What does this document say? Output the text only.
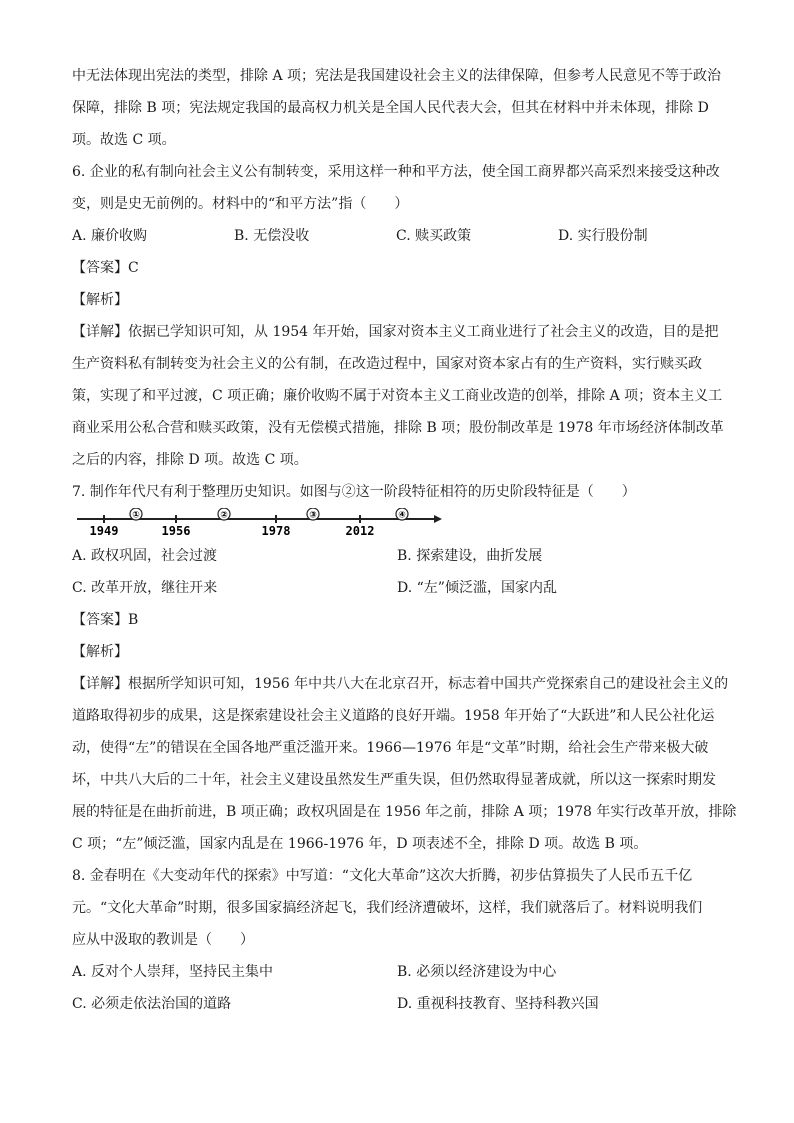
中无法体现出宪法的类型，排除 A 项；宪法是我国建设社会主义的法律保障，但参考人民意见不等于政治
保障，排除 B 项；宪法规定我国的最高权力机关是全国人民代表大会，但其在材料中并未体现，排除 D
项。故选 C 项。
6. 企业的私有制向社会主义公有制转变，采用这样一种和平方法，使全国工商界都兴高采烈来接受这种改
变，则是史无前例的。材料中的“和平方法”指（　　）
A. 廉价收购	B. 无偿没收	C. 赎买政策	D. 实行股份制
【答案】C
【解析】
【详解】依据已学知识可知，从 1954 年开始，国家对资本主义工商业进行了社会主义的改造，目的是把
生产资料私有制转变为社会主义的公有制，在改造过程中，国家对资本家占有的生产资料，实行赎买政
策，实现了和平过渡，C 项正确；廉价收购不属于对资本主义工商业改造的创举，排除 A 项；资本主义工
商业采用公私合营和赎买政策，没有无偿模式措施，排除 B 项；股份制改革是 1978 年市场经济体制改革
之后的内容，排除 D 项。故选 C 项。
7. 制作年代尺有利于整理历史知识。如图与②这一阶段特征相符的历史阶段特征是（　　）
①	②	③	④
1949	1956	1978	2012
A. 政权巩固，社会过渡	B. 探索建设，曲折发展
C. 改革开放，继往开来	D. “左”倾泛滥，国家内乱
【答案】B
【解析】
【详解】根据所学知识可知，1956 年中共八大在北京召开，标志着中国共产党探索自己的建设社会主义的
道路取得初步的成果，这是探索建设社会主义道路的良好开端。1958 年开始了“大跃进”和人民公社化运
动，使得“左”的错误在全国各地严重泛滥开来。1966—1976 年是“文革”时期，给社会生产带来极大破
坏，中共八大后的二十年，社会主义建设虽然发生严重失误，但仍然取得显著成就，所以这一探索时期发
展的特征是在曲折前进，B 项正确；政权巩固是在 1956 年之前，排除 A 项；1978 年实行改革开放，排除
C 项；“左”倾泛滥，国家内乱是在 1966-1976 年，D 项表述不全，排除 D 项。故选 B 项。
8. 金春明在《大变动年代的探索》中写道：“文化大革命”这次大折腾，初步估算损失了人民币五千亿
元。“文化大革命”时期，很多国家搞经济起飞，我们经济遭破坏，这样，我们就落后了。材料说明我们
应从中汲取的教训是（　　）
A. 反对个人崇拜，坚持民主集中	B. 必须以经济建设为中心
C. 必须走依法治国的道路	D. 重视科技教育、坚持科教兴国
